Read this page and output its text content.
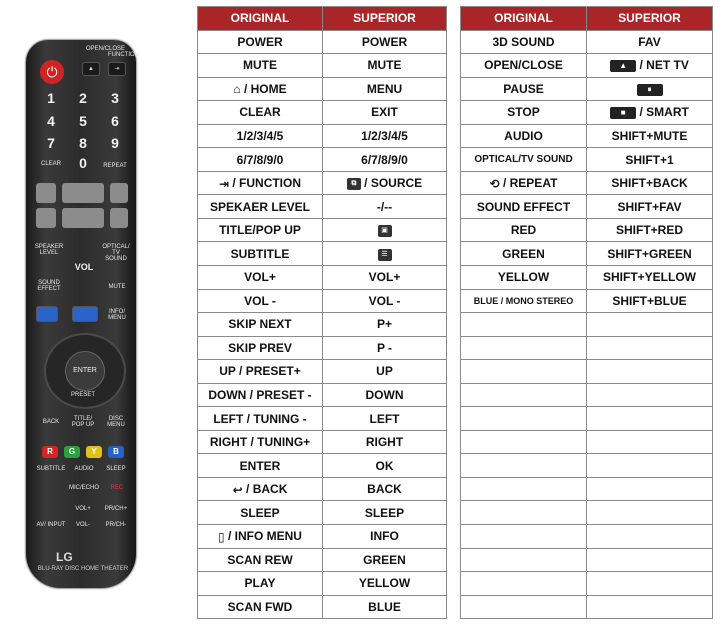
OPEN/CLOSE
FUNCTION
⏻	▲	⇥
1	2	3
4	5	6
7	8	9
CLEAR	0	REPEAT
SPEAKER LEVEL
OPTICAL/ TV SOUND
VOL
SOUND EFFECT	MUTE
INFO/ MENU
ENTER
PRESET
BACK	TITLE/ POP UP
DISC MENU
R	G	Y	B
SUBTITLE	AUDIO	SLEEP
MIC/ECHO	REC
VOL+	PR/CH+
AV/ INPUT	VOL-	PR/CH-
LG
BLU-RAY DISC HOME THEATER
ORIGINAL	SUPERIOR
POWER	POWER
MUTE	MUTE
⌂ / HOME	MENU
CLEAR	EXIT
1/2/3/4/5	1/2/3/4/5
6/7/8/9/0	6/7/8/9/0
⇥ / FUNCTION	⧉ / SOURCE
SPEKAER LEVEL	-/--
TITLE/POP UP	▣
SUBTITLE	☰
VOL+	VOL+
VOL -	VOL -
SKIP NEXT	P+
SKIP PREV	P -
UP / PRESET+	UP
DOWN / PRESET -	DOWN
LEFT / TUNING -	LEFT
RIGHT / TUNING+	RIGHT
ENTER	OK
↩ / BACK	BACK
SLEEP	SLEEP
▯ / INFO MENU	INFO
SCAN REW	GREEN
PLAY	YELLOW
SCAN FWD	BLUE
ORIGINAL	SUPERIOR
3D SOUND	FAV
OPEN/CLOSE	▲ / NET TV
PAUSE	⏸

STOP	■ / SMART
AUDIO	SHIFT+MUTE
OPTICAL/TV SOUND	SHIFT+1
⟲ / REPEAT	SHIFT+BACK
SOUND EFFECT	SHIFT+FAV
RED	SHIFT+RED
GREEN	SHIFT+GREEN
YELLOW	SHIFT+YELLOW
BLUE / MONO STEREO	SHIFT+BLUE
